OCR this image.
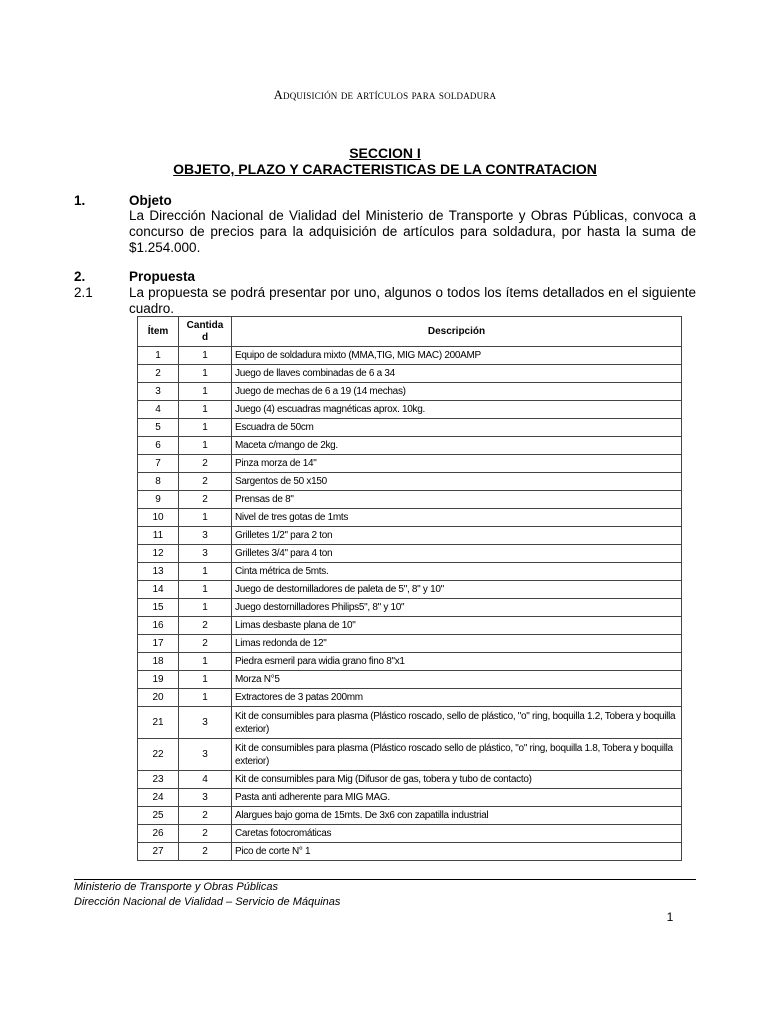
Adquisición de artículos para soldadura
SECCION I
OBJETO, PLAZO Y CARACTERISTICAS DE LA CONTRATACION
1.	Objeto
La Dirección Nacional de Vialidad del Ministerio de Transporte y Obras Públicas, convoca a concurso de precios para la adquisición de artículos para soldadura, por hasta la suma de $1.254.000.
2.	Propuesta
2.1	La propuesta se podrá presentar por uno, algunos o todos los ítems detallados en el siguiente cuadro.
Ítem	Cantidad	Descripción
1	1	Equipo de soldadura mixto (MMA,TIG, MIG MAC) 200AMP
2	1	Juego de llaves combinadas de 6 a 34
3	1	Juego de mechas de 6 a 19 (14 mechas)
4	1	Juego (4) escuadras magnéticas aprox. 10kg.
5	1	Escuadra de 50cm
6	1	Maceta c/mango de 2kg.
7	2	Pinza morza de 14"
8	2	Sargentos de 50 x150
9	2	Prensas de 8"
10	1	Nivel de tres gotas de 1mts
11	3	Grilletes 1/2" para 2 ton
12	3	Grilletes 3/4" para 4 ton
13	1	Cinta métrica de 5mts.
14	1	Juego de destornilladores de paleta de 5", 8" y 10"
15	1	Juego destornilladores Philips5", 8" y 10"
16	2	Limas desbaste plana de 10"
17	2	Limas redonda de 12"
18	1	Piedra esmeril para widia grano fino 8"x1
19	1	Morza N°5
20	1	Extractores de 3 patas 200mm
21	3	Kit de consumibles para plasma (Plástico roscado, sello de plástico, "o" ring, boquilla 1.2, Tobera y boquilla exterior)
22	3	Kit de consumibles para plasma (Plástico roscado sello de plástico, "o" ring, boquilla 1.8, Tobera y boquilla exterior)
23	4	Kit de consumibles para Mig (Difusor de gas, tobera y tubo de contacto)
24	3	Pasta anti adherente para MIG MAG.
25	2	Alargues bajo goma de 15mts. De 3x6 con zapatilla industrial
26	2	Caretas fotocromáticas
27	2	Pico de corte N° 1
Ministerio de Transporte y Obras Públicas
Dirección Nacional de Vialidad – Servicio de Máquinas
1
